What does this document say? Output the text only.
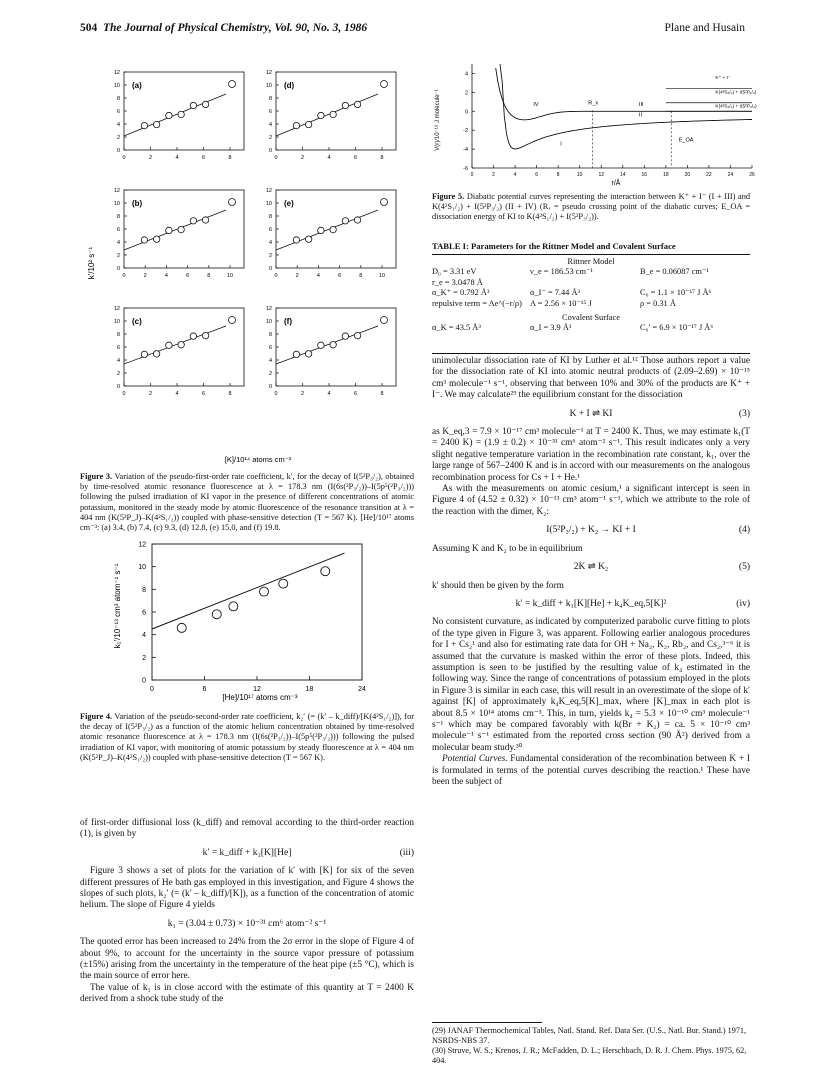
504 The Journal of Physical Chemistry, Vol. 90, No. 3, 1986	Plane and Husain
(a)
0	2	4	6	8
0
2
4
6
8
10
12
(d)
0	2	4	6	8
0
2
4
6
8
10
12
(b)
0	2	4	6	8	10
0
2
4
6
8
10
12
(e)
0	2	4	6	8	10
0
2
4
6
8
10
12
(c)
0	2	4	6	8
0
2
4
6
8
10
12
(f)
0	2	4	6	8
0
2
4
6
8
10
12
k′/10² s⁻¹
[K]/10¹⁴ atoms cm⁻³
Figure 3. Variation of the pseudo-first-order rate coefficient, k′, for the decay of I(5²P₃/₂), obtained by time-resolved atomic resonance fluorescence at λ = 178.3 nm (I(6s(²P₃/₂))–I(5p⁵(²P₃/₂))) following the pulsed irradiation of KI vapor in the presence of different concentrations of atomic potassium, monitored in the steady mode by atomic fluorescence of the resonance transition at λ = 404 nm (K(5²P_J)–K(4²S₁/₂)) coupled with phase-sensitive detection (T = 567 K). [He]/10¹⁷ atoms cm⁻³: (a) 3.4, (b) 7.4, (c) 9.3, (d) 12.8, (e) 15.0, and (f) 19.8.
0	6	12	18	24
0
2
4
6
8
10
12
k₂′/10⁻¹³ cm³ atom⁻¹ s⁻¹
[He]/10¹⁷ atoms cm⁻³
Figure 4. Variation of the pseudo-second-order rate coefficient, k₂′ (= (k′ – k_diff)/[K(4²S₁/₂)]), for the decay of I(5²P₃/₂) as a function of the atomic helium concentration obtained by time-resolved atomic resonance fluorescence at λ = 178.3 nm (I(6s(²P₃/₂))–I(5p⁵(²P₃/₂))) following the pulsed irradiation of KI vapor, with monitoring of atomic potassium by steady fluorescence at λ = 404 nm (K(5²P_J)–K(4²S₁/₂)) coupled with phase-sensitive detection (T = 567 K).

of first-order diffusional loss (k_diff) and removal according to the third-order reaction (1), is given by

k′ = k_diff + k₁[K][He]	(iii)

Figure 3 shows a set of plots for the variation of k′ with [K] for six of the seven different pressures of He bath gas employed in this investigation, and Figure 4 shows the slopes of such plots, k₂′ (= (k′ – k_diff)/[K]), as a function of the concentration of atomic helium. The slope of Figure 4 yields

k₁ = (3.04 ± 0.73) × 10⁻³¹ cm⁶ atom⁻² s⁻¹

The quoted error has been increased to 24% from the 2σ error in the slope of Figure 4 of about 9%, to account for the uncertainty in the source vapor pressure of potassium (±15%) arising from the uncertainty in the temperature of the heat pipe (±5 °C), which is the main source of error here.

The value of k₁ is in close accord with the estimate of this quantity at T = 2400 K derived from a shock tube study of the

0	2	4	6	8	10	12	14	16	18	20	22	24	26
4
2
0
-2
-4
-6
IV	III
II
I
R_x
E_OA
K⁺ + I⁻
K(4²S₁/₂) + I(5²P₁/₂)
K(4²S₁/₂) + I(5²P₃/₂)
V(r)/10⁻¹⁹ J molecule⁻¹
r/Å
Figure 5. Diabatic potential curves representing the interaction between K⁺ + I⁻ (I + III) and K(4²S₁/₂) + I(5²P₃/₂) (II + IV) (Rₓ = pseudo crossing point of the diabatic curves; E_OA = dissociation energy of KI to K(4²S₁/₂) + I(5²P₃/₂)).
TABLE I: Parameters for the Rittner Model and Covalent Surface
Rittner Model
D₀ = 3.31 eV	ν_e = 186.53 cm⁻¹	B_e = 0.06087 cm⁻¹
r_e = 3.0478 Å
α_K⁺ = 0.792 Å³	α_I⁻ = 7.44 Å³	C₆ = 1.1 × 10⁻¹⁷ J Å⁶
repulsive term = Ae^(−r/ρ) A = 2.56 × 10⁻¹⁵ J	ρ = 0.31 Å
Covalent Surface
α_K = 43.5 Å³	α_I = 3.9 Å³	C₆′ = 6.9 × 10⁻¹⁷ J Å⁶

unimolecular dissociation rate of KI by Luther et al.¹² Those authors report a value for the dissociation rate of KI into atomic neutral products of (2.09–2.69) × 10⁻¹⁵ cm³ molecule⁻¹ s⁻¹, observing that between 10% and 30% of the products are K⁺ + I⁻. We may calculate²⁹ the equilibrium constant for the dissociation

K + I ⇌ KI	(3)

as K_eq,3 = 7.9 × 10⁻¹⁷ cm³ molecule⁻¹ at T = 2400 K. Thus, we may estimate k₁(T = 2400 K) = (1.9 ± 0.2) × 10⁻³¹ cm⁶ atom⁻² s⁻¹. This result indicates only a very slight negative temperature variation in the recombination rate constant, k₁, over the large range of 567–2400 K and is in accord with our measurements on the analogous recombination process for Cs + I + He.¹

As with the measurements on atomic cesium,¹ a significant intercept is seen in Figure 4 of (4.52 ± 0.32) × 10⁻¹³ cm³ atom⁻¹ s⁻¹, which we attribute to the role of the reaction with the dimer, K₂:

I(5²P₃/₂) + K₂ → KI + I	(4)

Assuming K and K₂ to be in equilibrium

2K ⇌ K₂	(5)

k′ should then be given by the form

k′ = k_diff + k₁[K][He] + k₄K_eq,5[K]²	(iv)

No consistent curvature, as indicated by computerized parabolic curve fitting to plots of the type given in Figure 3, was apparent. Following earlier analogous procedures for I + Cs₂¹ and also for estimating rate data for OH + Na₂, K₂, Rb₂, and Cs₂,³⁻⁶ it is assumed that the curvature is masked within the error of these plots. Indeed, this assumption is seen to be justified by the resulting value of k₄ estimated in the following way. Since the range of concentrations of potassium employed in the plots in Figure 3 is similar in each case, this will result in an overestimate of the slope of k′ against [K] of approximately k₄K_eq,5[K]_max, where [K]_max in each plot is about 8.5 × 10¹⁴ atoms cm⁻³. This, in turn, yields k₄ = 5.3 × 10⁻¹⁰ cm³ molecule⁻¹ s⁻¹ which may be compared favorably with k(Br + K₂) = ca. 5 × 10⁻¹⁰ cm³ molecule⁻¹ s⁻¹ estimated from the reported cross section (90 Å²) derived from a molecular beam study.³⁰

Potential Curves. Fundamental consideration of the recombination between K + I is formulated in terms of the potential curves describing the reaction.¹ These have been the subject of

(29) JANAF Thermochemical Tables, Natl. Stand. Ref. Data Ser. (U.S., Natl. Bur. Stand.) 1971, NSRDS-NBS 37.
(30) Struve, W. S.; Krenos, J. R.; McFadden, D. L.; Herschbach, D. R. J. Chem. Phys. 1975, 62, 404.
